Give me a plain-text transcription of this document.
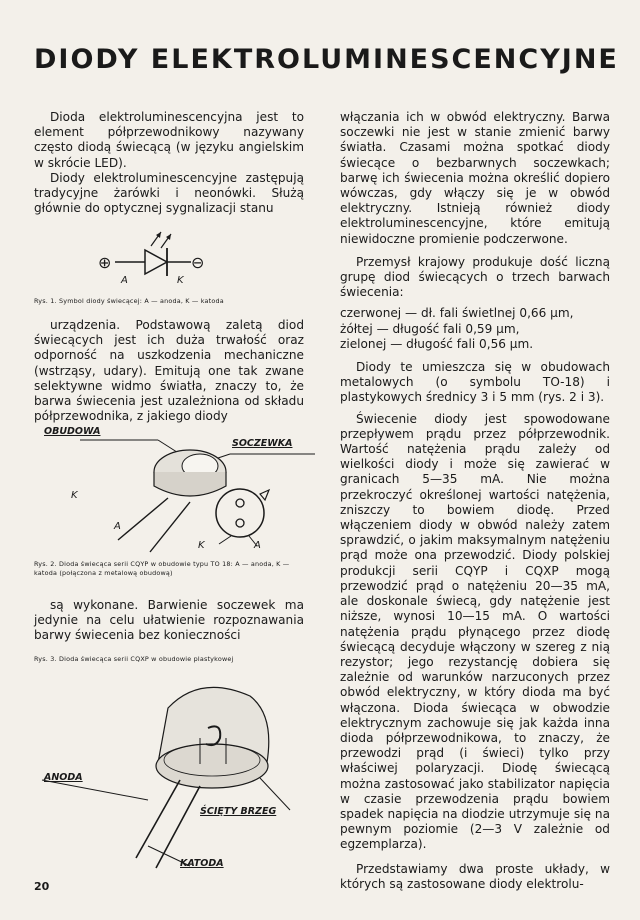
DIODY ELEKTROLUMINESCENCYJNE

Dioda elektroluminescencyjna jest to element półprzewodnikowy nazywany często diodą świecącą (w języku angielskim w skrócie LED).

Diody elektroluminescencyjne zastępują tradycyjne żarówki i neonówki. Służą głównie do optycznej sygnalizacji stanu

⊕	⊖
A	K
Rys. 1. Symbol diody świecącej: A — anoda, K — katoda

urządzenia. Podstawową zaletą diod świecących jest ich duża trwałość oraz odporność na uszkodzenia mechaniczne (wstrząsy, udary). Emitują one tak zwane selektywne widmo światła, znaczy to, że barwa świecenia jest uzależniona od składu półprzewodnika, z jakiego diody

OBUDOWA
SOCZEWKA
K
A
K	A
Rys. 2. Dioda świecąca serii CQYP w obudowie typu TO 18: A — anoda, K — katoda (połączona z metalową obudową)

są wykonane. Barwienie soczewek ma jedynie na celu ułatwienie rozpoznawania barwy świecenia bez konieczności

Rys. 3. Dioda świecąca serii CQXP w obudowie plastykowej
ANODA
ŚCIĘTY BRZEG
KATODA
20

włączania ich w obwód elektryczny. Barwa soczewki nie jest w stanie zmienić barwy światła. Czasami można spotkać diody świecące o bezbarwnych soczewkach; barwę ich świecenia można określić dopiero wówczas, gdy włączy się je w obwód elektryczny. Istnieją również diody elektroluminescencyjne, które emitują niewidoczne promienie podczerwone.

Przemysł krajowy produkuje dość liczną grupę diod świecących o trzech barwach świecenia:

czerwonej — dł. fali świetlnej 0,66 μm,

żółtej — długość fali 0,59 μm,

zielonej — długość fali 0,56 μm.

Diody te umieszcza się w obudowach metalowych (o symbolu TO-18) i plastykowych średnicy 3 i 5 mm (rys. 2 i 3).

Świecenie diody jest spowodowane przepływem prądu przez półprzewodnik. Wartość natężenia prądu zależy od wielkości diody i może się zawierać w granicach 5—35 mA. Nie można przekroczyć określonej wartości natężenia, zniszczy to bowiem diodę. Przed włączeniem diody w obwód należy zatem sprawdzić, o jakim maksymalnym natężeniu prąd może ona przewodzić. Diody polskiej produkcji serii CQYP i CQXP mogą przewodzić prąd o natężeniu 20—35 mA, ale doskonale świecą, gdy natężenie jest niższe, wynosi 10—15 mA. O wartości natężenia prądu płynącego przez diodę świecącą decyduje włączony w szereg z nią rezystor; jego rezystancję dobiera się zależnie od warunków narzuconych przez obwód elektryczny, w który dioda ma być włączona. Dioda świecąca w obwodzie elektrycznym zachowuje się jak każda inna dioda półprzewodnikowa, to znaczy, że przewodzi prąd (i świeci) tylko przy właściwej polaryzacji. Diodę świecącą można zastosować jako stabilizator napięcia w czasie przewodzenia prądu bowiem spadek napięcia na diodzie utrzymuje się na pewnym poziomie (2—3 V zależnie od egzemplarza).

Przedstawiamy dwa proste układy, w których są zastosowane diody elektrolu-
